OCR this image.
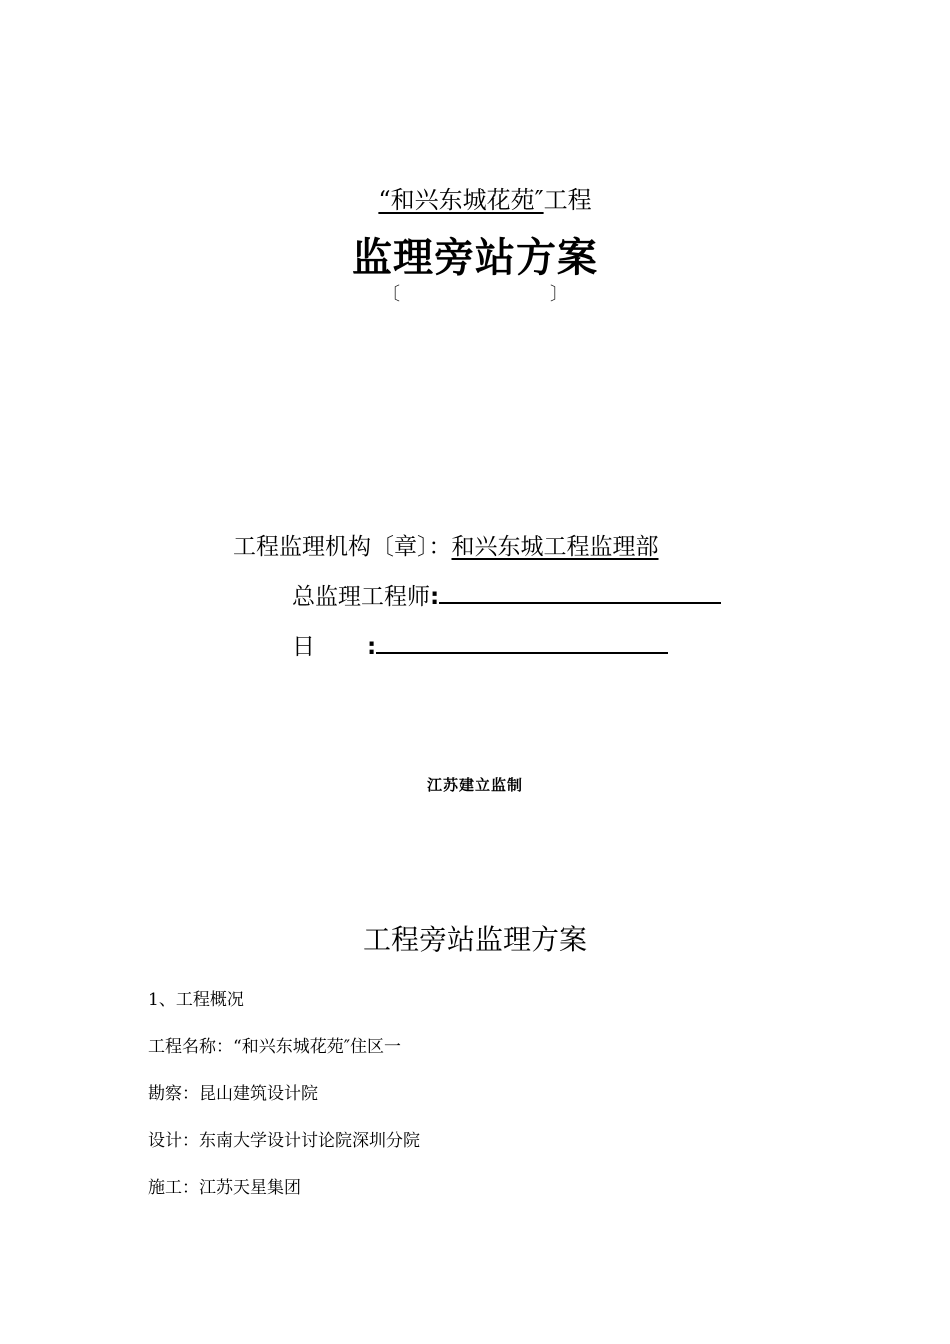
“和兴东城花苑″工程
监理旁站方案
〔	〕
工程监理机构〔章〕：和兴东城工程监理部
总监理工程师:
日 :
江苏建立监制
工程旁站监理方案
1、工程概况
工程名称：“和兴东城花苑″住区一
勘察：昆山建筑设计院
设计：东南大学设计讨论院深圳分院
施工：江苏天星集团
